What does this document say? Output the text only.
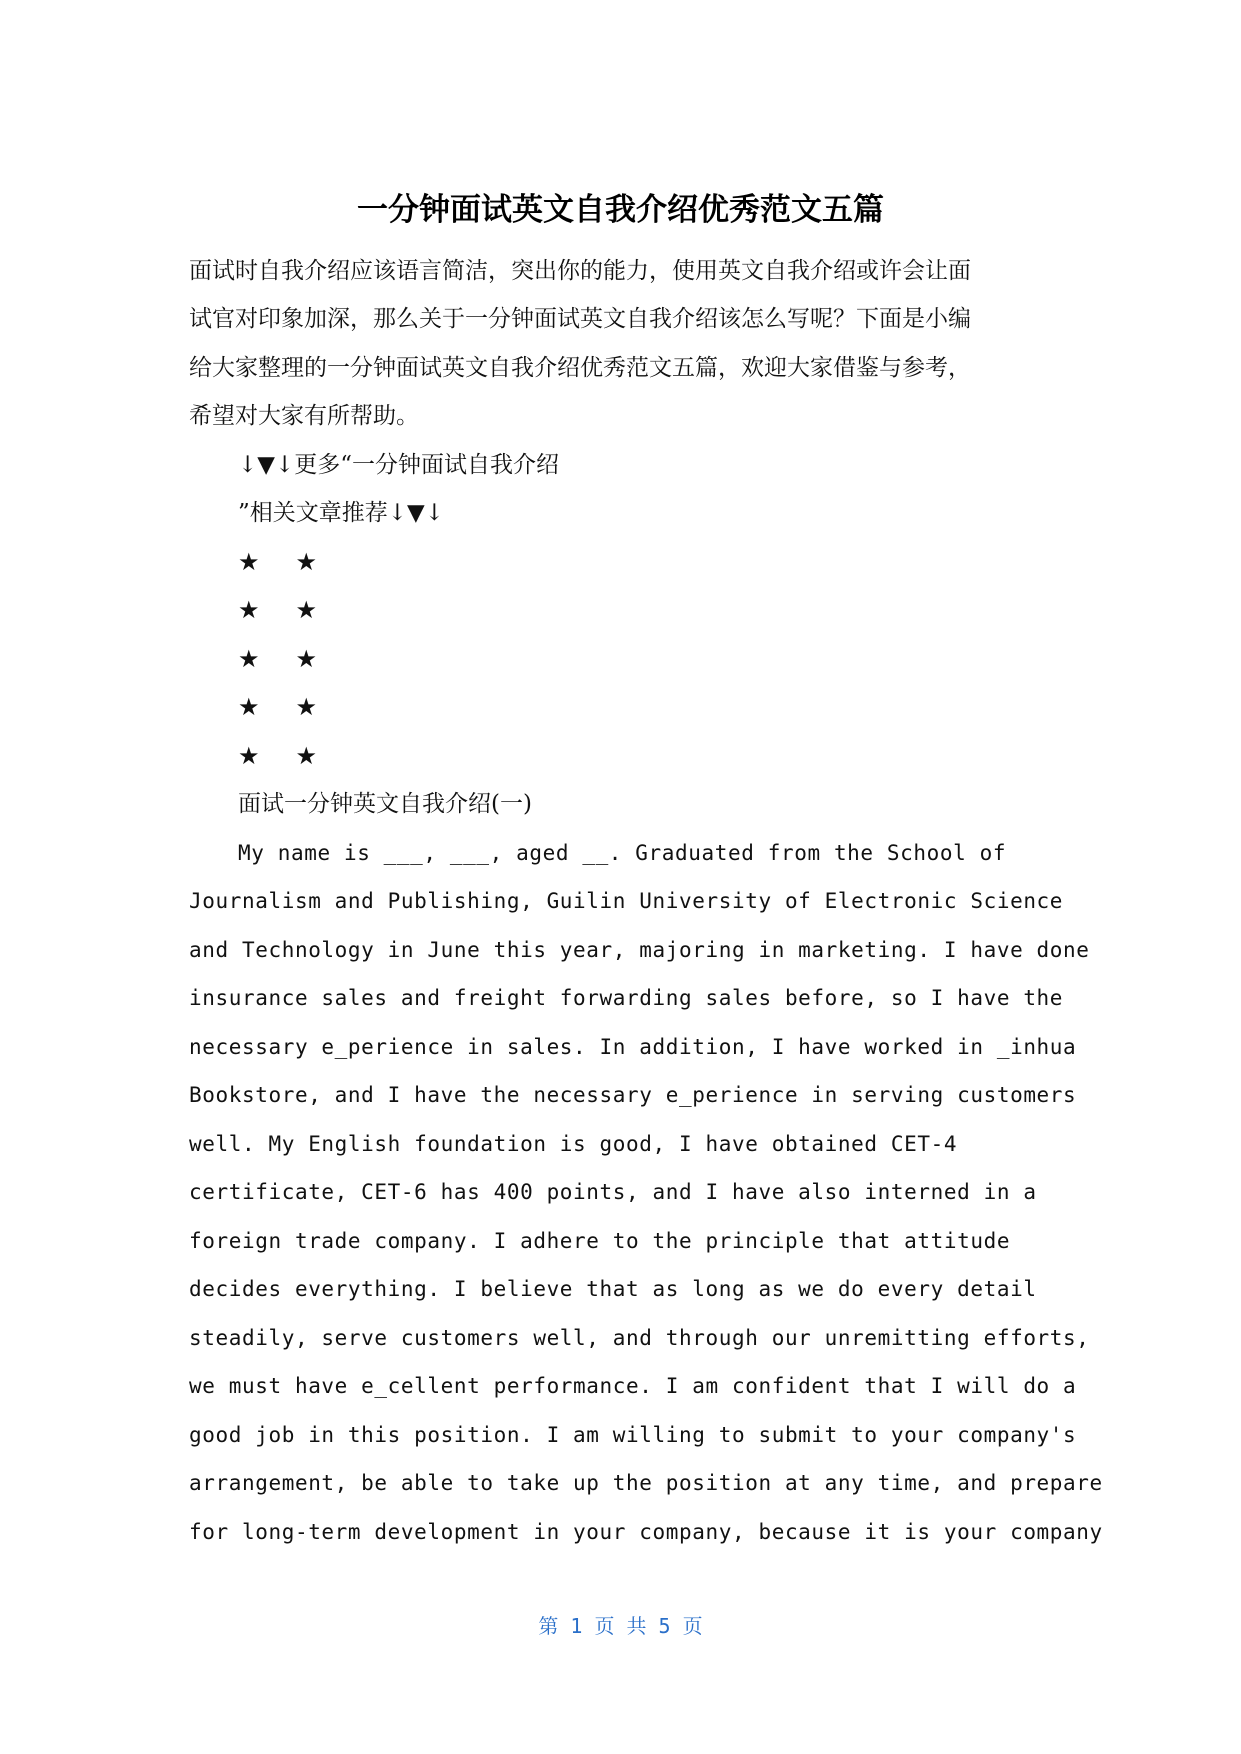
一分钟面试英文自我介绍优秀范文五篇
面试时自我介绍应该语言简洁，突出你的能力，使用英文自我介绍或许会让面
试官对印象加深，那么关于一分钟面试英文自我介绍该怎么写呢？下面是小编
给大家整理的一分钟面试英文自我介绍优秀范文五篇，欢迎大家借鉴与参考，
希望对大家有所帮助。
↓▼↓更多“一分钟面试自我介绍
”相关文章推荐↓▼↓
★ ★
★ ★
★ ★
★ ★
★ ★
面试一分钟英文自我介绍(一)
My name is ___, ___, aged __. Graduated from the School of
Journalism and Publishing, Guilin University of Electronic Science
and Technology in June this year, majoring in marketing. I have done
insurance sales and freight forwarding sales before, so I have the
necessary e_perience in sales. In addition, I have worked in _inhua
Bookstore, and I have the necessary e_perience in serving customers
well. My English foundation is good, I have obtained CET-4
certificate, CET-6 has 400 points, and I have also interned in a
foreign trade company. I adhere to the principle that attitude
decides everything. I believe that as long as we do every detail
steadily, serve customers well, and through our unremitting efforts,
we must have e_cellent performance. I am confident that I will do a
good job in this position. I am willing to submit to your company's
arrangement, be able to take up the position at any time, and prepare
for long-term development in your company, because it is your company
第 1 页 共 5 页
